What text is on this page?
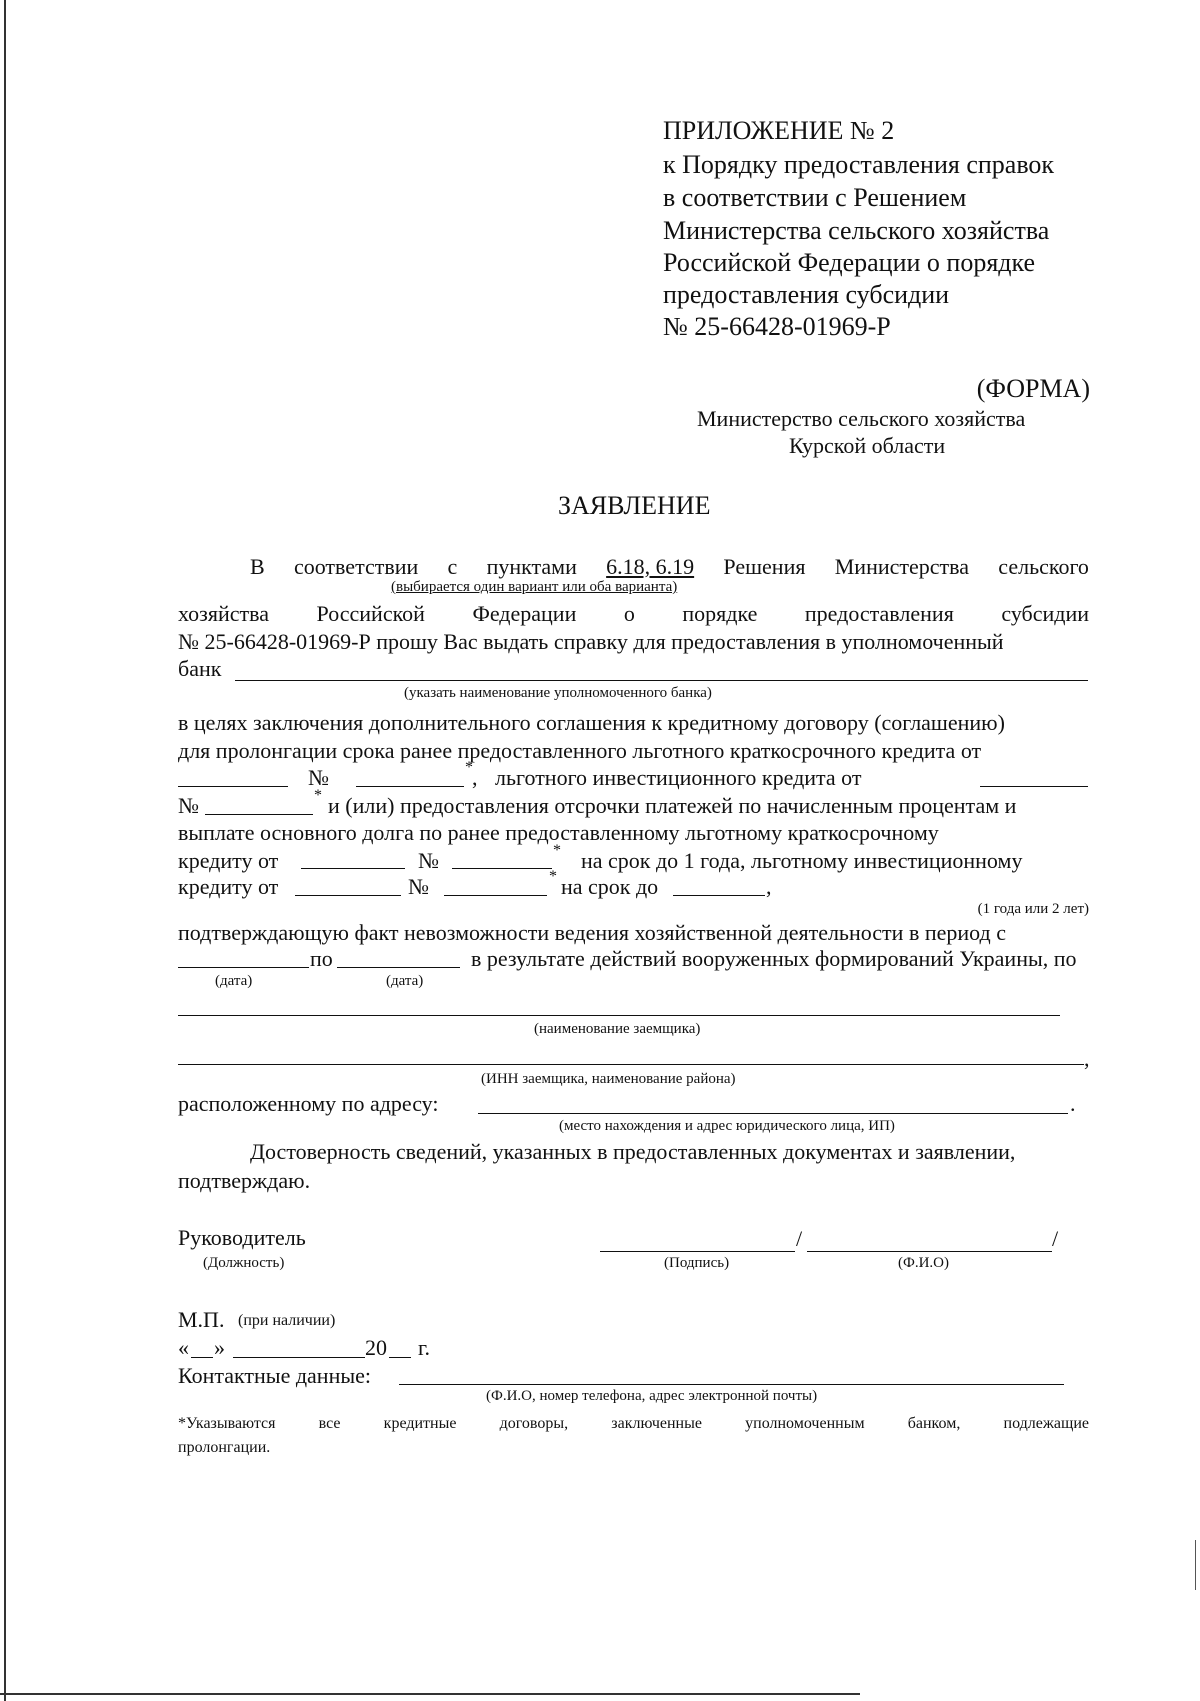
ПРИЛОЖЕНИЕ № 2
к Порядку предоставления справок
в соответствии с Решением
Министерства сельского хозяйства
Российской Федерации о порядке
предоставления субсидии
№ 25-66428-01969-Р
(ФОРМА)
Министерство сельского хозяйства
Курской области
ЗАЯВЛЕНИЕ
В соответствии с пунктами 6.18, 6.19 Решения Министерства сельского
(выбирается один вариант или оба варианта)
хозяйства Российской Федерации о порядке предоставления субсидии
№ 25-66428-01969-Р прошу Вас выдать справку для предоставления в уполномоченный
банк
(указать наименование уполномоченного банка)
в целях заключения дополнительного соглашения к кредитному договору (соглашению)
для пролонгации срока ранее предоставленного льготного краткосрочного кредита от
№	* , льготного инвестиционного кредита от
№	* и (или) предоставления отсрочки платежей по начисленным процентам и
выплате основного долга по ранее предоставленному льготному краткосрочному
кредиту от	№	* на срок до 1 года, льготному инвестиционному
кредиту от	№	* на срок до	,
(1 года или 2 лет)
подтверждающую факт невозможности ведения хозяйственной деятельности в период с
по	в результате действий вооруженных формирований Украины, по
(дата)	(дата)
(наименование заемщика)
,
(ИНН заемщика, наименование района)
расположенному по адресу:	.
(место нахождения и адрес юридического лица, ИП)
Достоверность сведений, указанных в предоставленных документах и заявлении,
подтверждаю.
Руководитель
(Должность)
/	/
(Подпись)	(Ф.И.О)
М.П. (при наличии)
« »	20 г.
Контактные данные:
(Ф.И.О, номер телефона, адрес электронной почты)
*Указываются	все	кредитные	договоры,	заключенные	уполномоченным	банком,	подлежащие
пролонгации.
